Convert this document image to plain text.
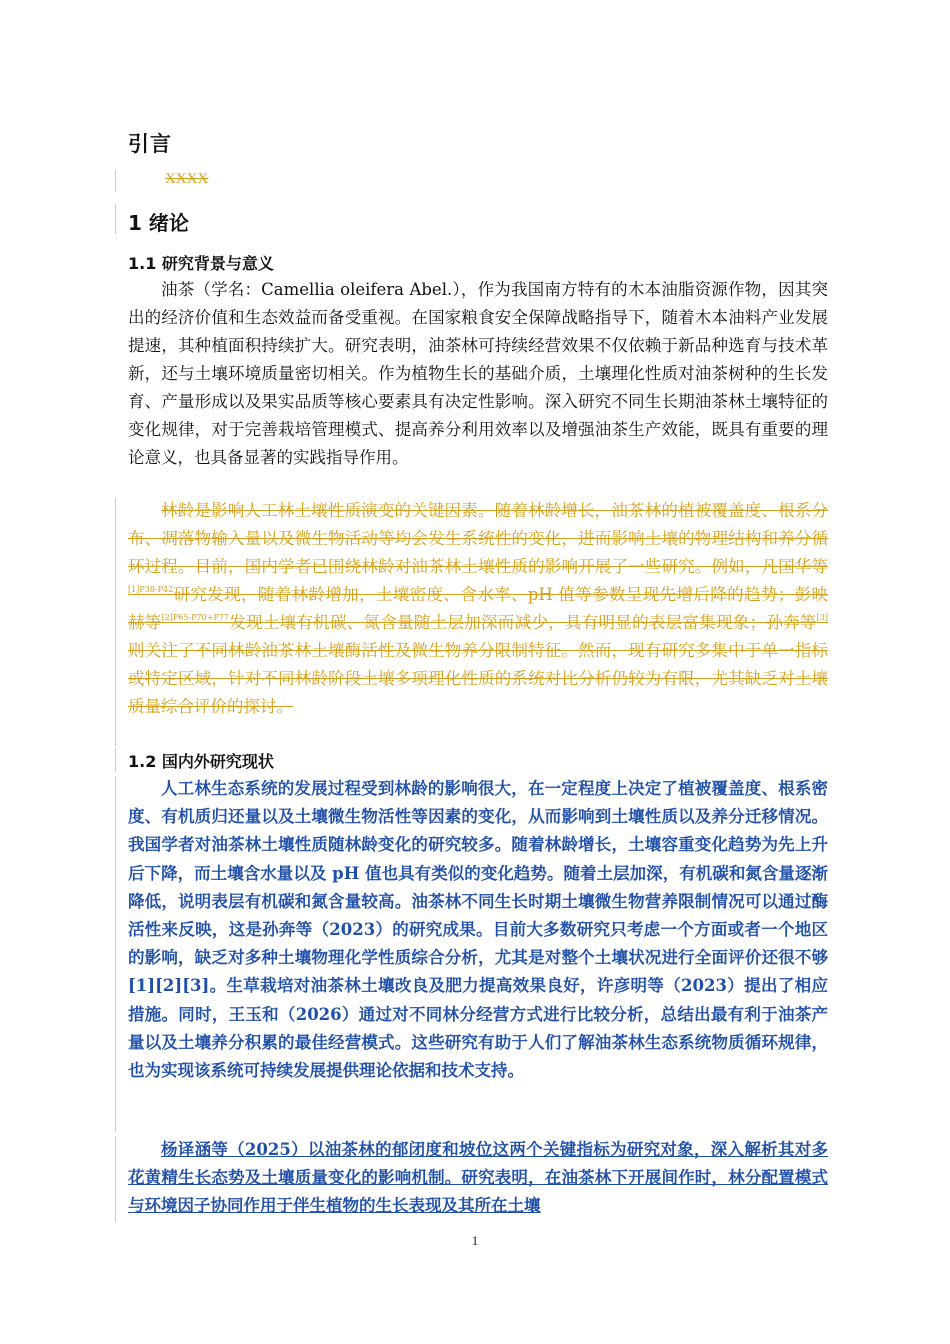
引言
XXXX
1 绪论
1.1 研究背景与意义

油茶（学名：Camellia oleifera Abel.），作为我国南方特有的木本油脂资源作物，因其突出的经济价值和生态效益而备受重视。在国家粮食安全保障战略指导下，随着木本油料产业发展提速，其种植面积持续扩大。研究表明，油茶林可持续经营效果不仅依赖于新品种选育与技术革新，还与土壤环境质量密切相关。作为植物生长的基础介质，土壤理化性质对油茶树种的生长发育、产量形成以及果实品质等核心要素具有决定性影响。深入研究不同生长期油茶林土壤特征的变化规律，对于完善栽培管理模式、提高养分利用效率以及增强油茶生产效能，既具有重要的理论意义，也具备显著的实践指导作用。

林龄是影响人工林土壤性质演变的关键因素。随着林龄增长，油茶林的植被覆盖度、根系分布、凋落物输入量以及微生物活动等均会发生系统性的变化，进而影响土壤的物理结构和养分循环过程。目前，国内学者已围绕林龄对油茶林土壤性质的影响开展了一些研究。例如，凡国华等$^{[1]P38-P42}$研究发现，随着林龄增加，土壤密度、含水率、pH 值等参数呈现先增后降的趋势；彭映赫等$^{[2]P65-P70+P77}$发现土壤有机碳、氮含量随土层加深而减少，具有明显的表层富集现象；孙奔等[3]则关注了不同林龄油茶林土壤酶活性及微生物养分限制特征。然而，现有研究多集中于单一指标或特定区域，针对不同林龄阶段土壤多项理化性质的系统对比分析仍较为有限，尤其缺乏对土壤质量综合评价的探讨。

1.2 国内外研究现状

人工林生态系统的发展过程受到林龄的影响很大，在一定程度上决定了植被覆盖度、根系密度、有机质归还量以及土壤微生物活性等因素的变化，从而影响到土壤性质以及养分迁移情况。我国学者对油茶林土壤性质随林龄变化的研究较多。随着林龄增长，土壤容重变化趋势为先上升后下降，而土壤含水量以及 pH 值也具有类似的变化趋势。随着土层加深，有机碳和氮含量逐渐降低，说明表层有机碳和氮含量较高。油茶林不同生长时期土壤微生物营养限制情况可以通过酶活性来反映，这是孙奔等（2023）的研究成果。目前大多数研究只考虑一个方面或者一个地区的影响，缺乏对多种土壤物理化学性质综合分析，尤其是对整个土壤状况进行全面评价还很不够[1][2][3]。生草栽培对油茶林土壤改良及肥力提高效果良好，许彦明等（2023）提出了相应措施。同时，王玉和（2026）通过对不同林分经营方式进行比较分析，总结出最有利于油茶产量以及土壤养分积累的最佳经营模式。这些研究有助于人们了解油茶林生态系统物质循环规律，也为实现该系统可持续发展提供理论依据和技术支持。

杨译涵等（2025）以油茶林的郁闭度和坡位这两个关键指标为研究对象，深入解析其对多花黄精生长态势及土壤质量变化的影响机制。研究表明，在油茶林下开展间作时，林分配置模式与环境因子协同作用于伴生植物的生长表现及其所在土壤

1
